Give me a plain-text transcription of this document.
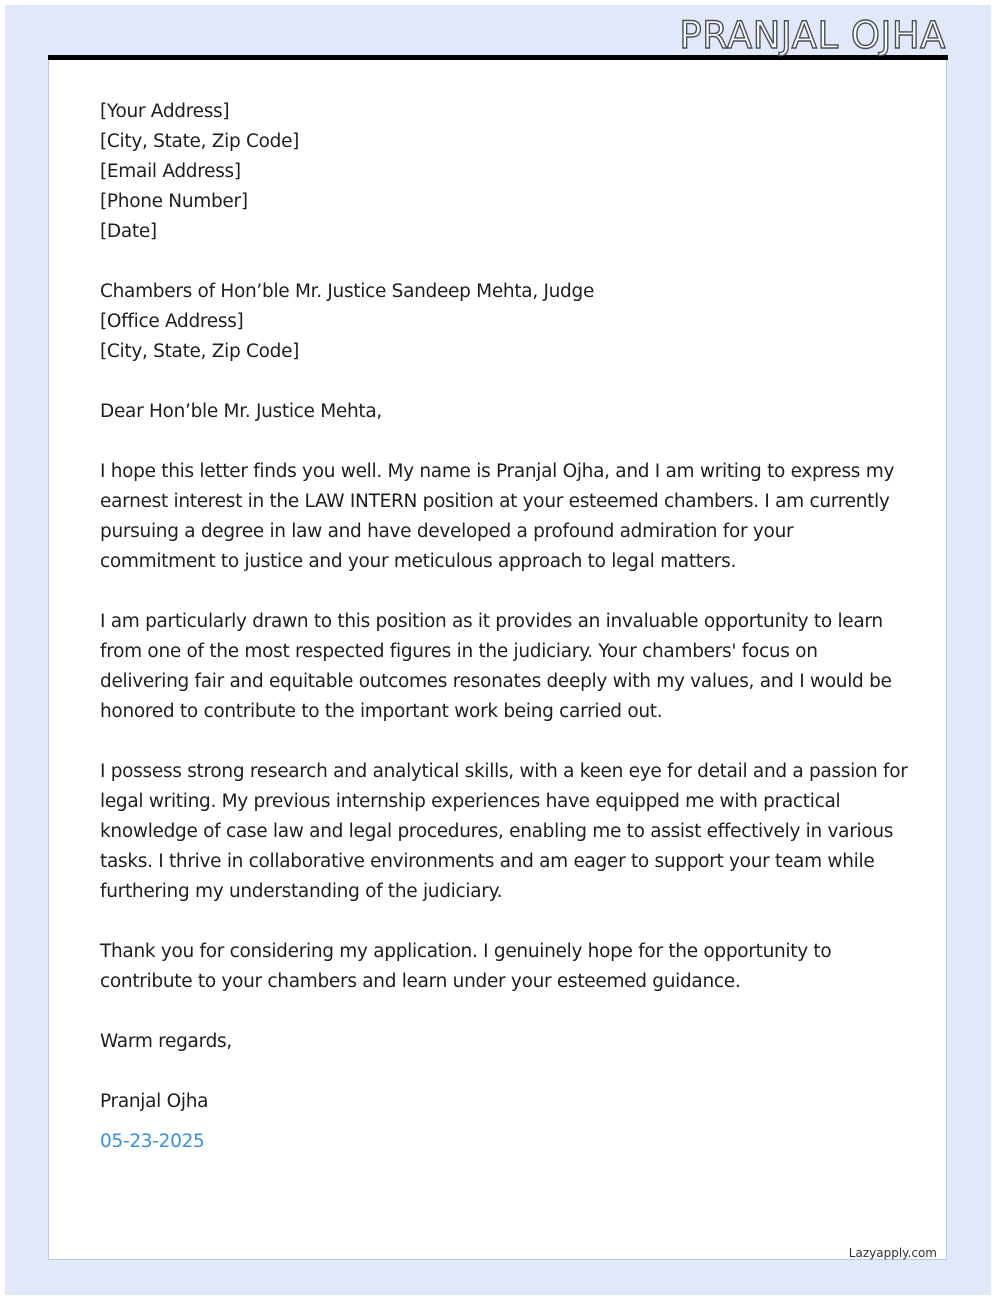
PRANJAL OJHA
[Your Address]
[City, State, Zip Code]
[Email Address]
[Phone Number]
[Date]
Chambers of Hon’ble Mr. Justice Sandeep Mehta, Judge
[Office Address]
[City, State, Zip Code]
Dear Hon’ble Mr. Justice Mehta,
I hope this letter finds you well. My name is Pranjal Ojha, and I am writing to express my
earnest interest in the LAW INTERN position at your esteemed chambers. I am currently
pursuing a degree in law and have developed a profound admiration for your
commitment to justice and your meticulous approach to legal matters.
I am particularly drawn to this position as it provides an invaluable opportunity to learn
from one of the most respected figures in the judiciary. Your chambers' focus on
delivering fair and equitable outcomes resonates deeply with my values, and I would be
honored to contribute to the important work being carried out.
I possess strong research and analytical skills, with a keen eye for detail and a passion for
legal writing. My previous internship experiences have equipped me with practical
knowledge of case law and legal procedures, enabling me to assist effectively in various
tasks. I thrive in collaborative environments and am eager to support your team while
furthering my understanding of the judiciary.
Thank you for considering my application. I genuinely hope for the opportunity to
contribute to your chambers and learn under your esteemed guidance.
Warm regards,
Pranjal Ojha
05-23-2025
Lazyapply.com
